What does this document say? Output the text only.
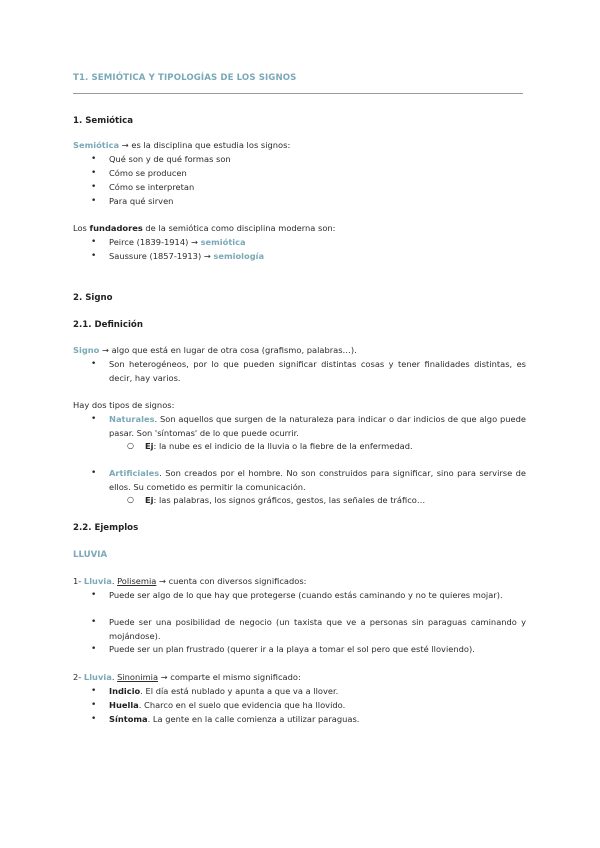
T1. SEMIÓTICA Y TIPOLOGÍAS DE LOS SIGNOS
1. Semiótica
Semiótica → es la disciplina que estudia los signos:
• Qué son y de qué formas son
• Cómo se producen
• Cómo se interpretan
• Para qué sirven
Los fundadores de la semiótica como disciplina moderna son:
• Peirce (1839-1914) → semiótica
• Saussure (1857-1913) → semiología
2. Signo
2.1. Definición
Signo → algo que está en lugar de otra cosa (grafismo, palabras…).
• Son heterogéneos, por lo que pueden significar distintas cosas y tener finalidades distintas, es decir, hay varios.
Hay dos tipos de signos:
• Naturales. Son aquellos que surgen de la naturaleza para indicar o dar indicios de que algo puede pasar. Son 'síntomas' de lo que puede ocurrir.
○ Ej: la nube es el indicio de la lluvia o la fiebre de la enfermedad.
• Artificiales. Son creados por el hombre. No son construidos para significar, sino para servirse de ellos. Su cometido es permitir la comunicación.
○ Ej: las palabras, los signos gráficos, gestos, las señales de tráfico…
2.2. Ejemplos
LLUVIA
1- Lluvia. Polisemia → cuenta con diversos significados:
• Puede ser algo de lo que hay que protegerse (cuando estás caminando y no te quieres mojar).
• Puede ser una posibilidad de negocio (un taxista que ve a personas sin paraguas caminando y mojándose).
• Puede ser un plan frustrado (querer ir a la playa a tomar el sol pero que esté lloviendo).
2- Lluvia. Sinonimia → comparte el mismo significado:
• Indicio. El día está nublado y apunta a que va a llover.
• Huella. Charco en el suelo que evidencia que ha llovido.
• Síntoma. La gente en la calle comienza a utilizar paraguas.
